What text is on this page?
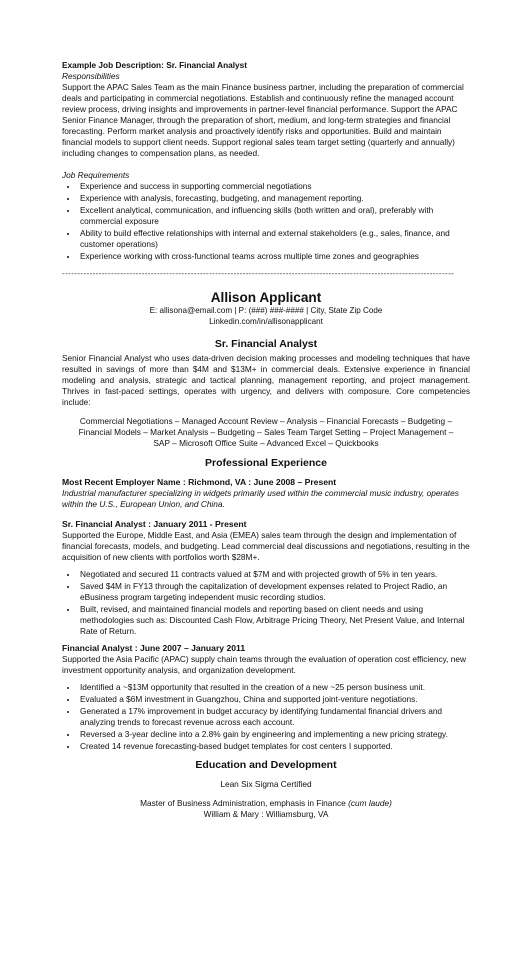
Example Job Description: Sr. Financial Analyst

Responsibilities

Support the APAC Sales Team as the main Finance business partner, including the preparation of commercial deals and participating in commercial negotiations. Establish and continuously refine the managed account review process, driving insights and improvements in partner-level financial performance. Support the APAC Senior Finance Manager, through the preparation of short, medium, and long-term strategies and financial forecasting. Perform market analysis and proactively identify risks and opportunities. Build and maintain financial models to support client needs. Support regional sales team target setting (quarterly and annually) including changes to compensation plans, as needed.

Job Requirements

• Experience and success in supporting commercial negotiations
• Experience with analysis, forecasting, budgeting, and management reporting.
• Excellent analytical, communication, and influencing skills (both written and oral), preferably with commercial exposure
• Ability to build effective relationships with internal and external stakeholders (e.g., sales, finance, and customer operations)
• Experience working with cross-functional teams across multiple time zones and geographies
--------------------------------------------------------------------------------------------------------------------------------
Allison Applicant

E: allisona@email.com | P: (###) ###-#### | City, State Zip Code

Linkedin.com/in/allisonapplicant

Sr. Financial Analyst

Senior Financial Analyst who uses data-driven decision making processes and modeling techniques that have resulted in savings of more than $4M and $13M+ in commercial deals. Extensive experience in financial modeling and analysis, strategic and tactical planning, management reporting, and project management. Thrives in fast-paced settings, operates with urgency, and delivers with composure. Core competencies include:

Commercial Negotiations – Managed Account Review – Analysis – Financial Forecasts – Budgeting –

Financial Models – Market Analysis – Budgeting – Sales Team Target Setting – Project Management –

SAP – Microsoft Office Suite – Advanced Excel – Quickbooks

Professional Experience

Most Recent Employer Name : Richmond, VA : June 2008 – Present

Industrial manufacturer specializing in widgets primarily used within the commercial music industry, operates within the U.S., European Union, and China.

Sr. Financial Analyst : January 2011 - Present

Supported the Europe, Middle East, and Asia (EMEA) sales team through the design and implementation of financial forecasts, models, and budgeting. Lead commercial deal discussions and negotiations, resulting in the acquisition of new clients with portfolios worth $28M+.

• Negotiated and secured 11 contracts valued at $7M and with projected growth of 5% in ten years.
• Saved $4M in FY13 through the capitalization of development expenses related to Project Radio, an eBusiness program targeting independent music recording studios.
• Built, revised, and maintained financial models and reporting based on client needs and using methodologies such as: Discounted Cash Flow, Arbitrage Pricing Theory, Net Present Value, and Internal Rate of Return.
Financial Analyst : June 2007 – January 2011

Supported the Asia Pacific (APAC) supply chain teams through the evaluation of operation cost efficiency, new investment opportunity analysis, and organization development.

• Identified a ~$13M opportunity that resulted in the creation of a new ~25 person business unit.
• Evaluated a $6M investment in Guangzhou, China and supported joint-venture negotiations.
• Generated a 17% improvement in budget accuracy by identifying fundamental financial drivers and analyzing trends to forecast revenue across each account.
• Reversed a 3-year decline into a 2.8% gain by engineering and implementing a new pricing strategy.
• Created 14 revenue forecasting-based budget templates for cost centers I supported.
Education and Development

Lean Six Sigma Certified

Master of Business Administration, emphasis in Finance (cum laude)

William & Mary : Williamsburg, VA
